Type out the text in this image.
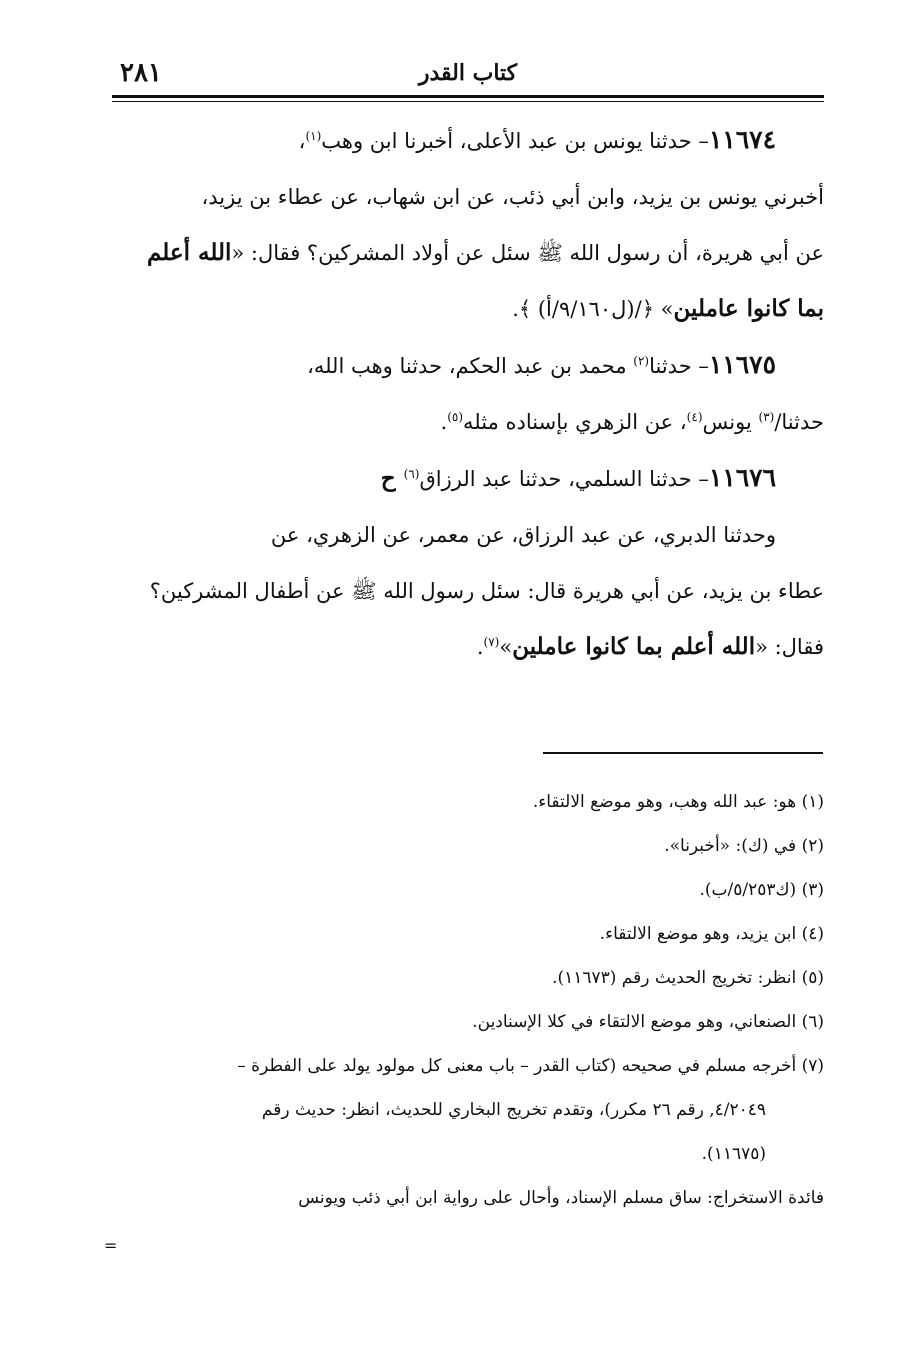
كتاب القدر
٢٨١

١١٦٧٤– حدثنا يونس بن عبد الأعلى، أخبرنا ابن وهب$^{(١)}$،

أخبرني يونس بن يزيد، وابن أبي ذئب، عن ابن شهاب، عن عطاء بن يزيد،

عن أبي هريرة، أن رسول الله ﷺ سئل عن أولاد المشركين؟ فقال: «الله أعلم

بما كانوا عاملين» ﴿/(ل٩/١٦٠/أ) ﴾.

١١٦٧٥– حدثنا$^{(٢)}$ محمد بن عبد الحكم، حدثنا وهب الله،

حدثنا/$^{(٣)}$ يونس$^{(٤)}$، عن الزهري بإسناده مثله$^{(٥)}$.

١١٦٧٦– حدثنا السلمي، حدثنا عبد الرزاق$^{(٦)}$ ح

وحدثنا الدبري، عن عبد الرزاق، عن معمر، عن الزهري، عن

عطاء بن يزيد، عن أبي هريرة قال: سئل رسول الله ﷺ عن أطفال المشركين؟

فقال: «الله أعلم بما كانوا عاملين»$^{(٧)}$.

(١) هو: عبد الله وهب، وهو موضع الالتقاء.

(٢) في (ك): «أخبرنا».

(٣) (ك٥/٢٥٣/ب).

(٤) ابن يزيد، وهو موضع الالتقاء.

(٥) انظر: تخريج الحديث رقم (١١٦٧٣).

(٦) الصنعاني، وهو موضع الالتقاء في كلا الإسنادين.

(٧) أخرجه مسلم في صحيحه (كتاب القدر – باب معنى كل مولود يولد على الفطرة –

٤/٢٠٤٩, رقم ٢٦ مكرر)، وتقدم تخريج البخاري للحديث، انظر: حديث رقم

(١١٦٧٥).

فائدة الاستخراج: ساق مسلم الإسناد، وأحال على رواية ابن أبي ذئب ويونس

=
